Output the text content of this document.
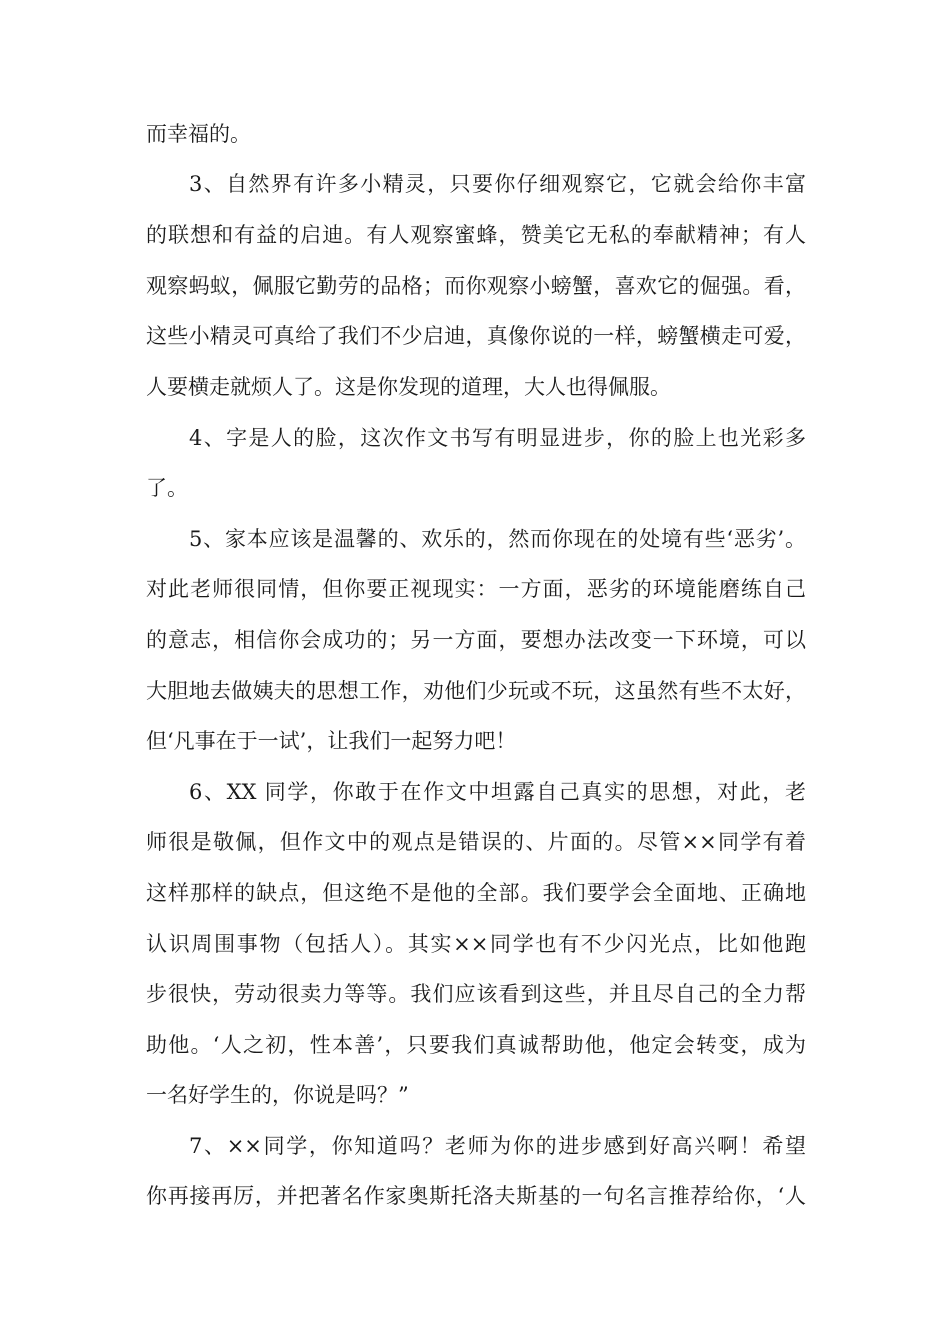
而幸福的。
3、自然界有许多小精灵，只要你仔细观察它，它就会给你丰富
的联想和有益的启迪。有人观察蜜蜂，赞美它无私的奉献精神；有人
观察蚂蚁，佩服它勤劳的品格；而你观察小螃蟹，喜欢它的倔强。看，
这些小精灵可真给了我们不少启迪，真像你说的一样，螃蟹横走可爱，
人要横走就烦人了。这是你发现的道理，大人也得佩服。
4、字是人的脸，这次作文书写有明显进步，你的脸上也光彩多
了。
5、家本应该是温馨的、欢乐的，然而你现在的处境有些‘恶劣’。
对此老师很同情，但你要正视现实：一方面，恶劣的环境能磨练自己
的意志，相信你会成功的；另一方面，要想办法改变一下环境，可以
大胆地去做姨夫的思想工作，劝他们少玩或不玩，这虽然有些不太好，
但‘凡事在于一试’，让我们一起努力吧！
6、XX 同学，你敢于在作文中坦露自己真实的思想，对此，老
师很是敬佩，但作文中的观点是错误的、片面的。尽管××同学有着
这样那样的缺点，但这绝不是他的全部。我们要学会全面地、正确地
认识周围事物（包括人）。其实××同学也有不少闪光点，比如他跑
步很快，劳动很卖力等等。我们应该看到这些，并且尽自己的全力帮
助他。‘人之初，性本善’，只要我们真诚帮助他，他定会转变，成为
一名好学生的，你说是吗？”
7、××同学，你知道吗？老师为你的进步感到好高兴啊！希望
你再接再厉，并把著名作家奥斯托洛夫斯基的一句名言推荐给你，‘人
